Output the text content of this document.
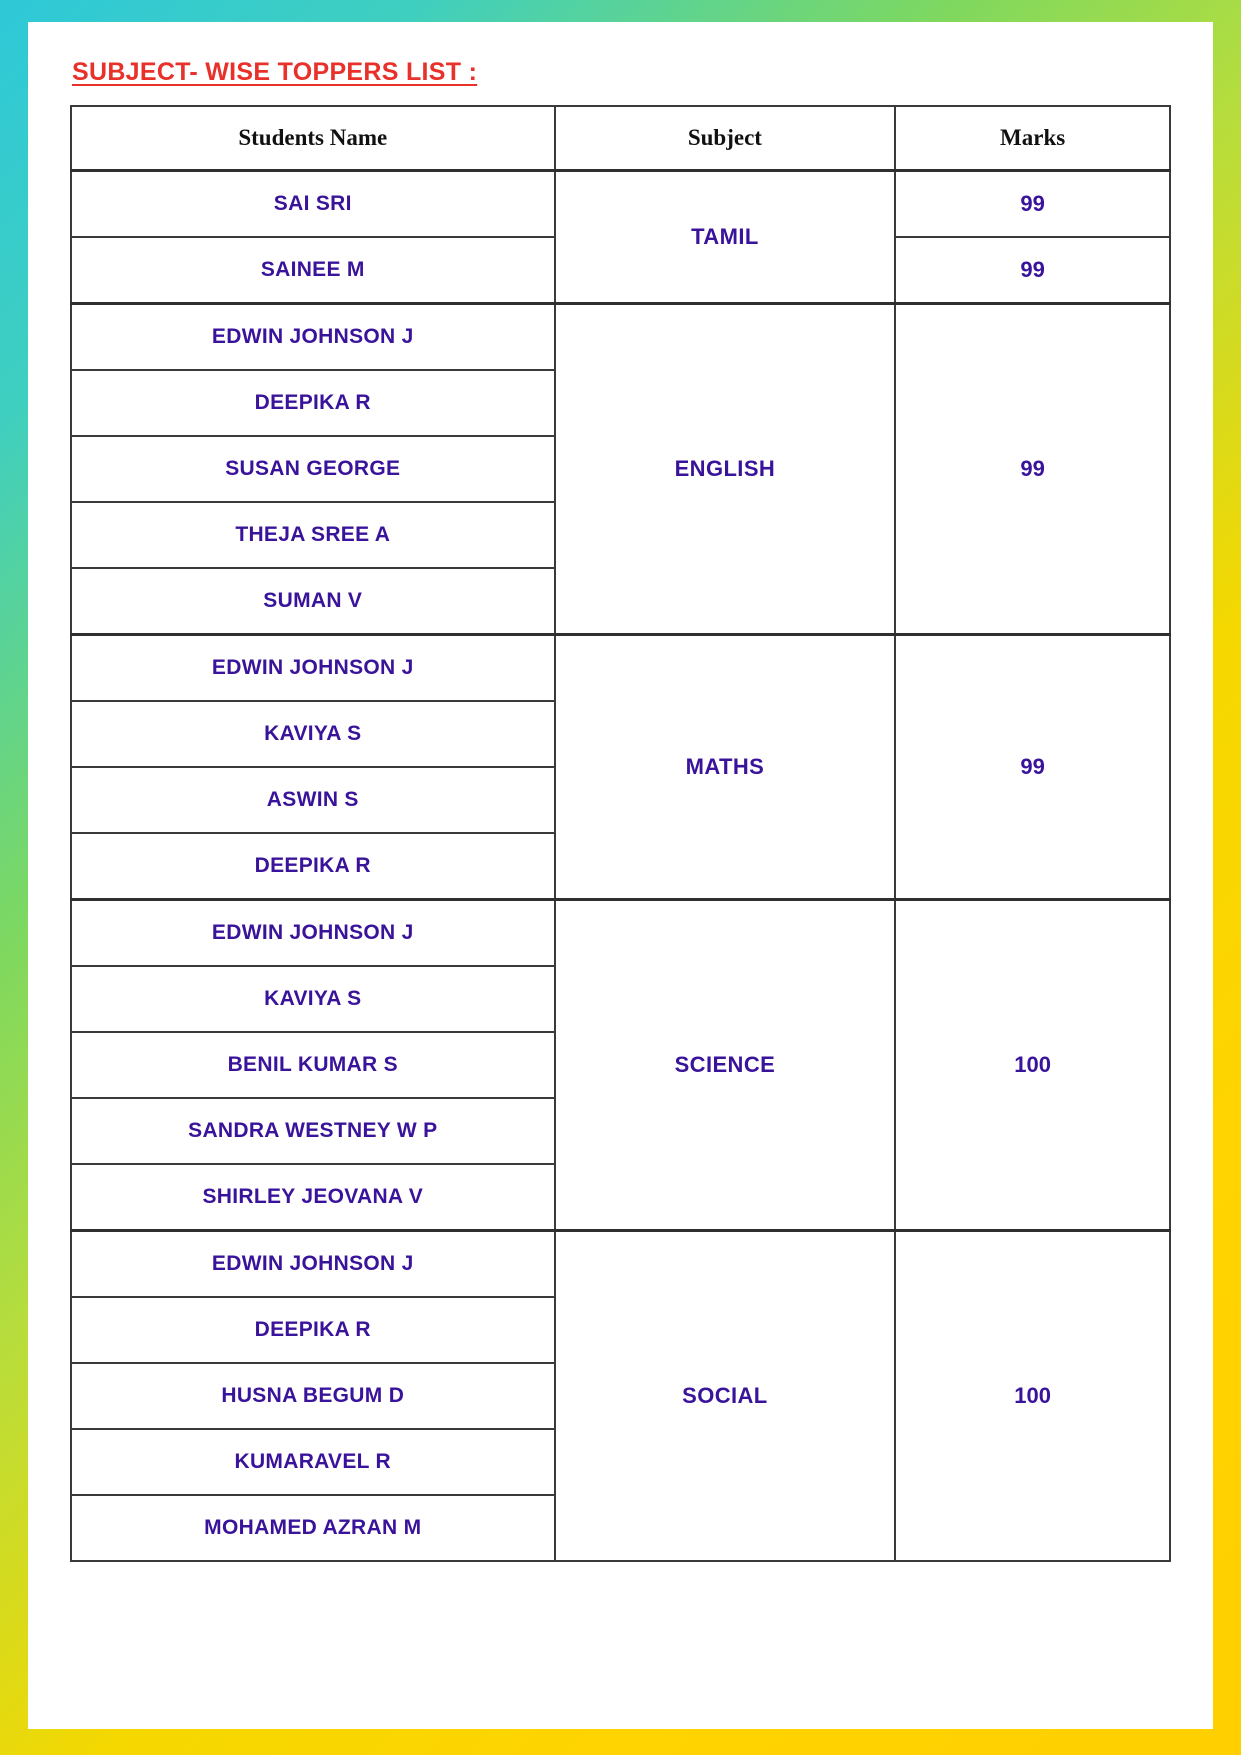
SUBJECT- WISE TOPPERS LIST :
Students Name	Subject	Marks
SAI SRI	TAMIL	99
SAINEE M		99
EDWIN JOHNSON J	ENGLISH	99
DEEPIKA R		
SUSAN GEORGE		
THEJA SREE A		
SUMAN V		
EDWIN JOHNSON J	MATHS	99
KAVIYA S		
ASWIN S		
DEEPIKA R		
EDWIN JOHNSON J	SCIENCE	100
KAVIYA S		
BENIL KUMAR S		
SANDRA WESTNEY W P		
SHIRLEY JEOVANA V		
EDWIN JOHNSON J	SOCIAL	100
DEEPIKA R		
HUSNA BEGUM D		
KUMARAVEL R		
MOHAMED AZRAN M		
